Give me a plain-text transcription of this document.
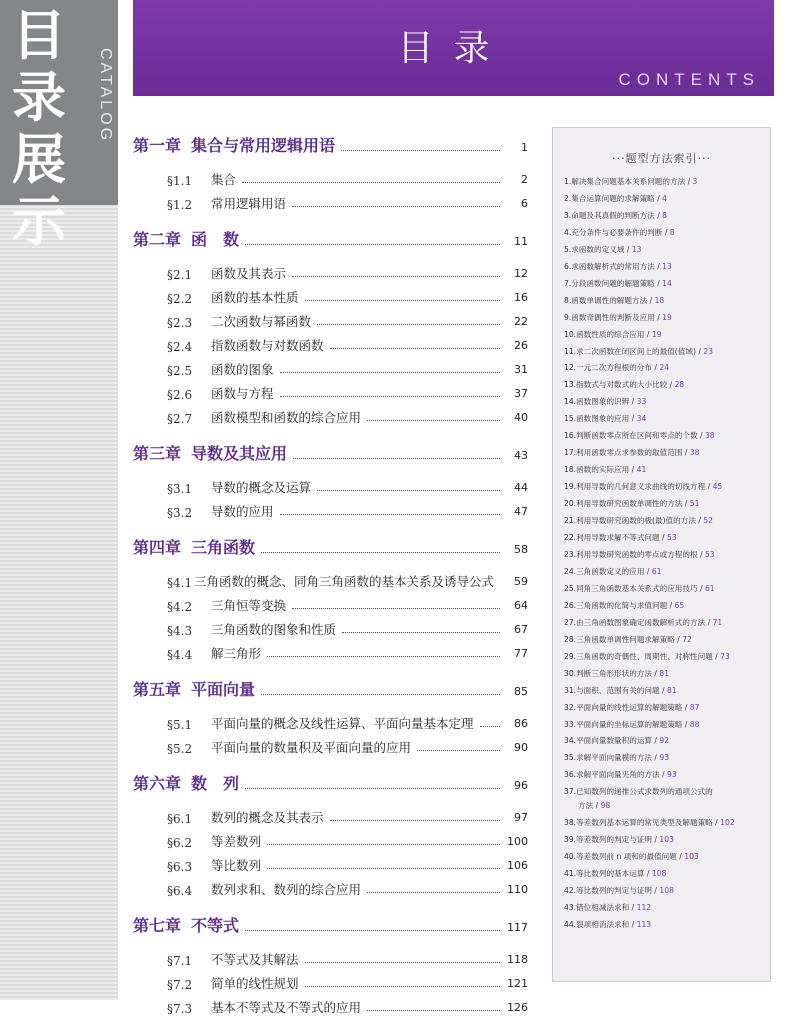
目
录
展
示
CATALOG	目录
CONTENTS
第一章 集合与常用逻辑用语	1
§1.1	集合	2
§1.2	常用逻辑用语	6
第二章 函　数	11
§2.1	函数及其表示	12
§2.2	函数的基本性质	16
§2.3	二次函数与幂函数	22
§2.4	指数函数与对数函数	26
§2.5	函数的图象	31
§2.6	函数与方程	37
§2.7	函数模型和函数的综合应用	40
第三章 导数及其应用	43
§3.1	导数的概念及运算	44
§3.2	导数的应用	47
第四章 三角函数	58
§4.1 三角函数的概念、同角三角函数的基本关系及诱导公式	59
§4.2	三角恒等变换	64
§4.3	三角函数的图象和性质	67
§4.4	解三角形	77
第五章 平面向量	85
§5.1	平面向量的概念及线性运算、平面向量基本定理	86
§5.2	平面向量的数量积及平面向量的应用	90
第六章 数　列	96
§6.1	数列的概念及其表示	97
§6.2	等差数列	100
§6.3	等比数列	106
§6.4	数列求和、数列的综合应用	110
第七章 不等式	117
§7.1	不等式及其解法	118
§7.2	简单的线性规划	121
§7.3	基本不等式及不等式的应用	126
···题型方法索引···
1.解决集合问题基本关系问题的方法 / 3
2.集合运算问题的求解策略 / 4
3.命题及其真假的判断方法 / 8
4.充分条件与必要条件的判断 / 8
5.求函数的定义域 / 13
6.求函数解析式的常用方法 / 13
7.分段函数问题的解题策略 / 14
8.函数单调性的解题方法 / 18
9.函数奇偶性的判断及应用 / 19
10.函数性质的综合应用 / 19
11.求二次函数在闭区间上的最值(值域) / 23
12.一元二次方程根的分布 / 24
13.指数式与对数式的大小比较 / 28
14.函数图象的识辨 / 33
15.函数图象的应用 / 34
16.判断函数零点所在区间和零点的个数 / 38
17.利用函数零点求参数的取值范围 / 38
18.函数的实际应用 / 41
19.利用导数的几何意义求曲线的切线方程 / 45
20.利用导数研究函数单调性的方法 / 51
21.利用导数研究函数的极(最)值的方法 / 52
22.利用导数求解不等式问题 / 53
23.利用导数研究函数的零点或方程的根 / 53
24.三角函数定义的应用 / 61
25.同角三角函数基本关系式的应用技巧 / 61
26.三角函数的化简与求值问题 / 65
27.由三角函数图象确定函数解析式的方法 / 71
28.三角函数单调性问题求解策略 / 72
29.三角函数的奇偶性、周期性、对称性问题 / 73
30.判断三角形形状的方法 / 81
31.与面积、范围有关的问题 / 81
32.平面向量的线性运算的解题策略 / 87
33.平面向量的坐标运算的解题策略 / 88
34.平面向量数量积的运算 / 92
35.求解平面向量模的方法 / 93
36.求解平面向量夹角的方法 / 93
37.已知数列的递推公式求数列的通项公式的
方法 / 98
38.等差数列基本运算的常见类型及解题策略 / 102
39.等差数列的判定与证明 / 103
40.等差数列前 n 项和的最值问题 / 103
41.等比数列的基本运算 / 108
42.等比数列的判定与证明 / 108
43.错位相减法求和 / 112
44.裂项相消法求和 / 113
